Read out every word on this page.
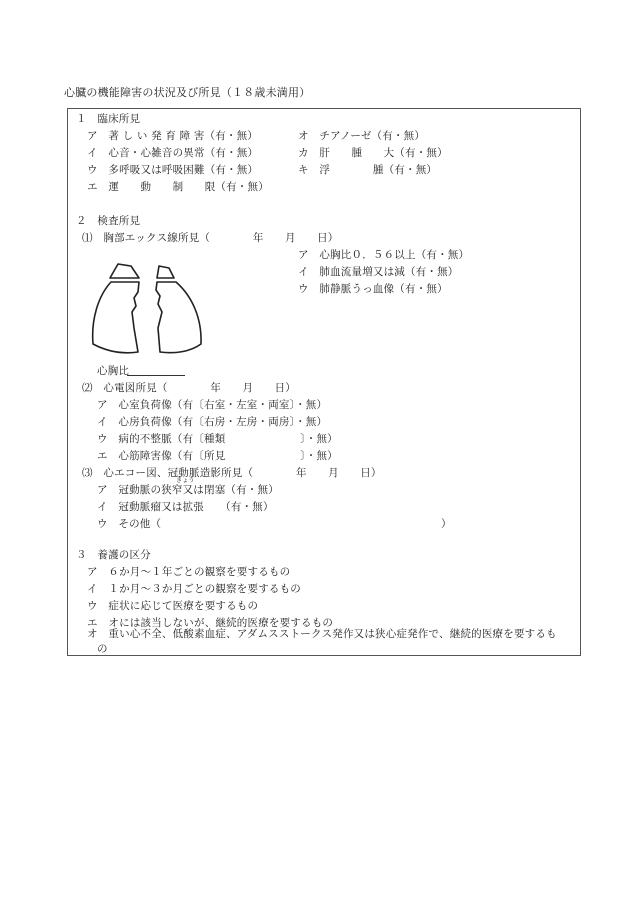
心臓の機能障害の状況及び所見（１８歳未満用）
１　臨床所見
ア　著 し い 発 育 障 害（有・無）
イ　心音・心雑音の異常（有・無）
ウ　多呼吸又は呼吸困難（有・無）
エ　運　　動　　制　　限（有・無）
オ　チアノーゼ（有・無）
カ　肝　　腫　　大（有・無）
キ　浮　　　　腫（有・無）
２　検査所見
⑴　胸部エックス線所見（　　　　年　　月　　日）
ア　心胸比０．５６以上（有・無）
イ　肺血流量増又は減（有・無）
ウ　肺静脈うっ血像（有・無）
心胸比
⑵　心電図所見（　　　　年　　月　　日）
ア　心室負荷像（有〔右室・左室・両室〕・無）
イ　心房負荷像（有〔右房・左房・両房〕・無）
ウ　病的不整脈（有〔種類　　　　　　　〕・無）
エ　心筋障害像（有〔所見　　　　　　　〕・無）
⑶　心エコー図、冠動脈造影所見（　　　　年　　月　　日）
きょう
ア　冠動脈の狭窄又は閉塞（有・無）
イ　冠動脈瘤又は拡張　　（有・無）
ウ　その他（	）
３　養護の区分
ア　６か月～１年ごとの観察を要するもの
イ　１か月～３か月ごとの観察を要するもの
ウ　症状に応じて医療を要するもの
エ　オには該当しないが、継続的医療を要するもの
オ　重い心不全、低酸素血症、アダムスストークス発作又は狭心症発作で、継続的医療を要するも
の
